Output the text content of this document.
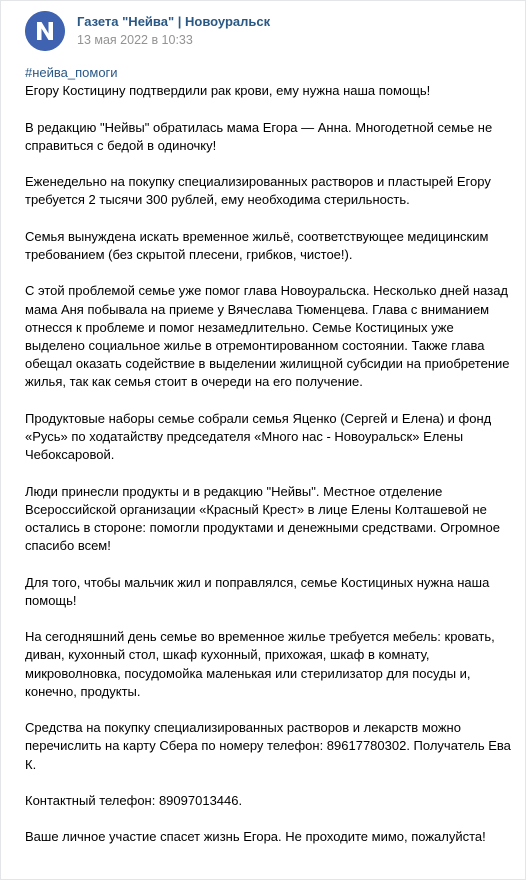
Газета "Нейва" | Новоуральск
13 мая 2022 в 10:33
#нейва_помоги

Егору Костицину подтвердили рак крови, ему нужна наша помощь!

В редакцию "Нейвы" обратилась мама Егора — Анна. Многодетной семье не справиться с бедой в одиночку!

Еженедельно на покупку специализированных растворов и пластырей Егору требуется 2 тысячи 300 рублей, ему необходима стерильность.

Семья вынуждена искать временное жильё, соответствующее медицинским требованием (без скрытой плесени, грибков, чистое!).

С этой проблемой семье уже помог глава Новоуральска. Несколько дней назад мама Аня побывала на приеме у Вячеслава Тюменцева. Глава с вниманием отнесся к проблеме и помог незамедлительно. Семье Костициных уже выделено социальное жилье в отремонтированном состоянии. Также глава обещал оказать содействие в выделении жилищной субсидии на приобретение жилья, так как семья стоит в очереди на его получение.

Продуктовые наборы семье собрали семья Яценко (Сергей и Елена) и фонд «Русь» по ходатайству председателя «Много нас - Новоуральск» Елены Чебоксаровой.

Люди принесли продукты и в редакцию "Нейвы". Местное отделение Всероссийской организации «Красный Крест» в лице Елены Колташевой не остались в стороне: помогли продуктами и денежными средствами. Огромное спасибо всем!

Для того, чтобы мальчик жил и поправлялся, семье Костициных нужна наша помощь!

На сегодняшний день семье во временное жилье требуется мебель: кровать, диван, кухонный стол, шкаф кухонный, прихожая, шкаф в комнату, микроволновка, посудомойка маленькая или стерилизатор для посуды и, конечно, продукты.

Средства на покупку специализированных растворов и лекарств можно перечислить на карту Сбера по номеру телефон: 89617780302. Получатель Ева К.

Контактный телефон: 89097013446.

Ваше личное участие спасет жизнь Егора. Не проходите мимо, пожалуйста!
